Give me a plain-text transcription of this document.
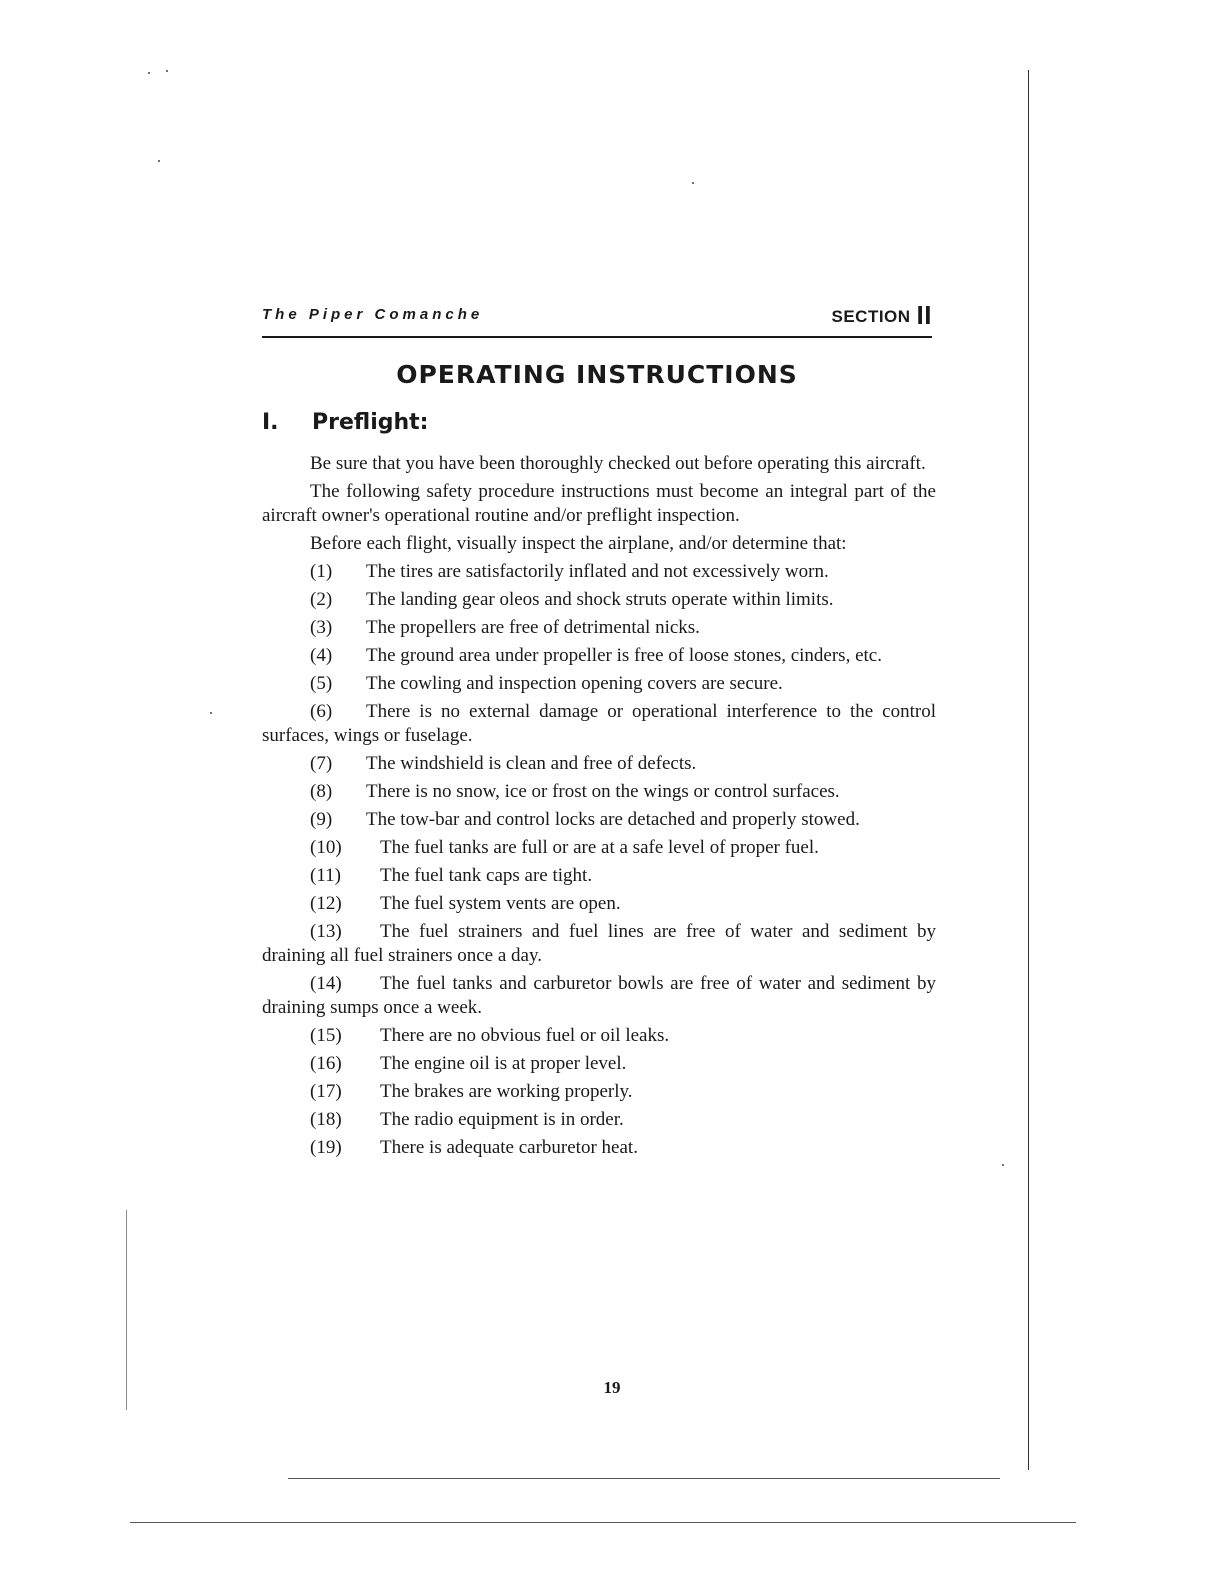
The Piper Comanche	SECTION II
OPERATING INSTRUCTIONS
I. Preflight:

Be sure that you have been thoroughly checked out before operating this aircraft.

The following safety procedure instructions must become an integral part of the aircraft owner's operational routine and/or preflight inspection.

Before each flight, visually inspect the airplane, and/or determine that:

(1) The tires are satisfactorily inflated and not excessively worn.

(2) The landing gear oleos and shock struts operate within limits.

(3) The propellers are free of detrimental nicks.

(4) The ground area under propeller is free of loose stones, cinders, etc.

(5) The cowling and inspection opening covers are secure.

(6) There is no external damage or operational interference to the control surfaces, wings or fuselage.

(7) The windshield is clean and free of defects.

(8) There is no snow, ice or frost on the wings or control surfaces.

(9) The tow-bar and control locks are detached and properly stowed.

(10) The fuel tanks are full or are at a safe level of proper fuel.

(11) The fuel tank caps are tight.

(12) The fuel system vents are open.

(13) The fuel strainers and fuel lines are free of water and sediment by draining all fuel strainers once a day.

(14) The fuel tanks and carburetor bowls are free of water and sediment by draining sumps once a week.

(15) There are no obvious fuel or oil leaks.

(16) The engine oil is at proper level.

(17) The brakes are working properly.

(18) The radio equipment is in order.

(19) There is adequate carburetor heat.

19
